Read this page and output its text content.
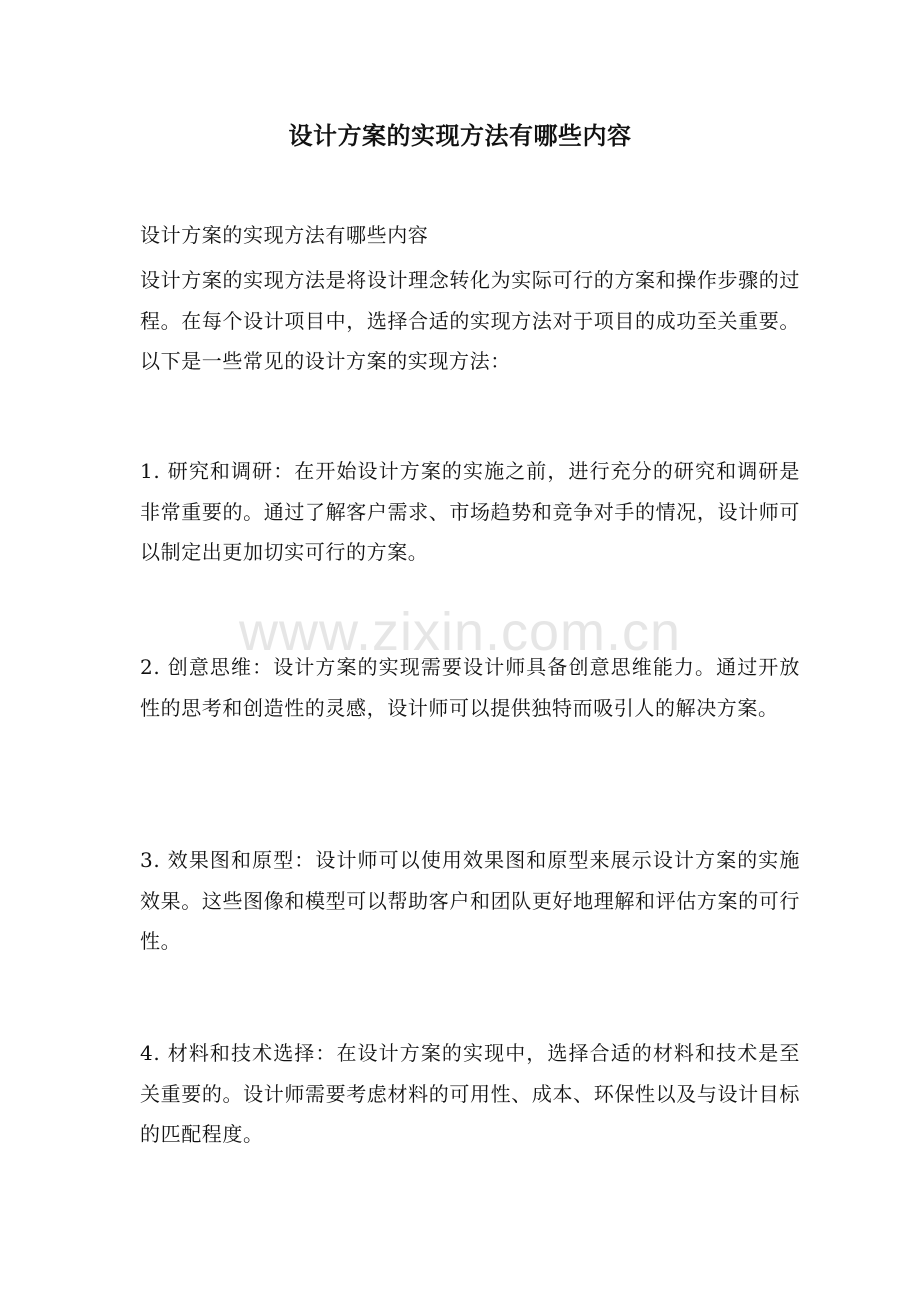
设计方案的实现方法有哪些内容
设计方案的实现方法有哪些内容
设计方案的实现方法是将设计理念转化为实际可行的方案和操作步骤的过程。在每个设计项目中，选择合适的实现方法对于项目的成功至关重要。以下是一些常见的设计方案的实现方法：
1. 研究和调研：在开始设计方案的实施之前，进行充分的研究和调研是非常重要的。通过了解客户需求、市场趋势和竞争对手的情况，设计师可以制定出更加切实可行的方案。
2. 创意思维：设计方案的实现需要设计师具备创意思维能力。通过开放性的思考和创造性的灵感，设计师可以提供独特而吸引人的解决方案。
3. 效果图和原型：设计师可以使用效果图和原型来展示设计方案的实施效果。这些图像和模型可以帮助客户和团队更好地理解和评估方案的可行性。
4. 材料和技术选择：在设计方案的实现中，选择合适的材料和技术是至关重要的。设计师需要考虑材料的可用性、成本、环保性以及与设计目标的匹配程度。
www.zixin.com.cn
